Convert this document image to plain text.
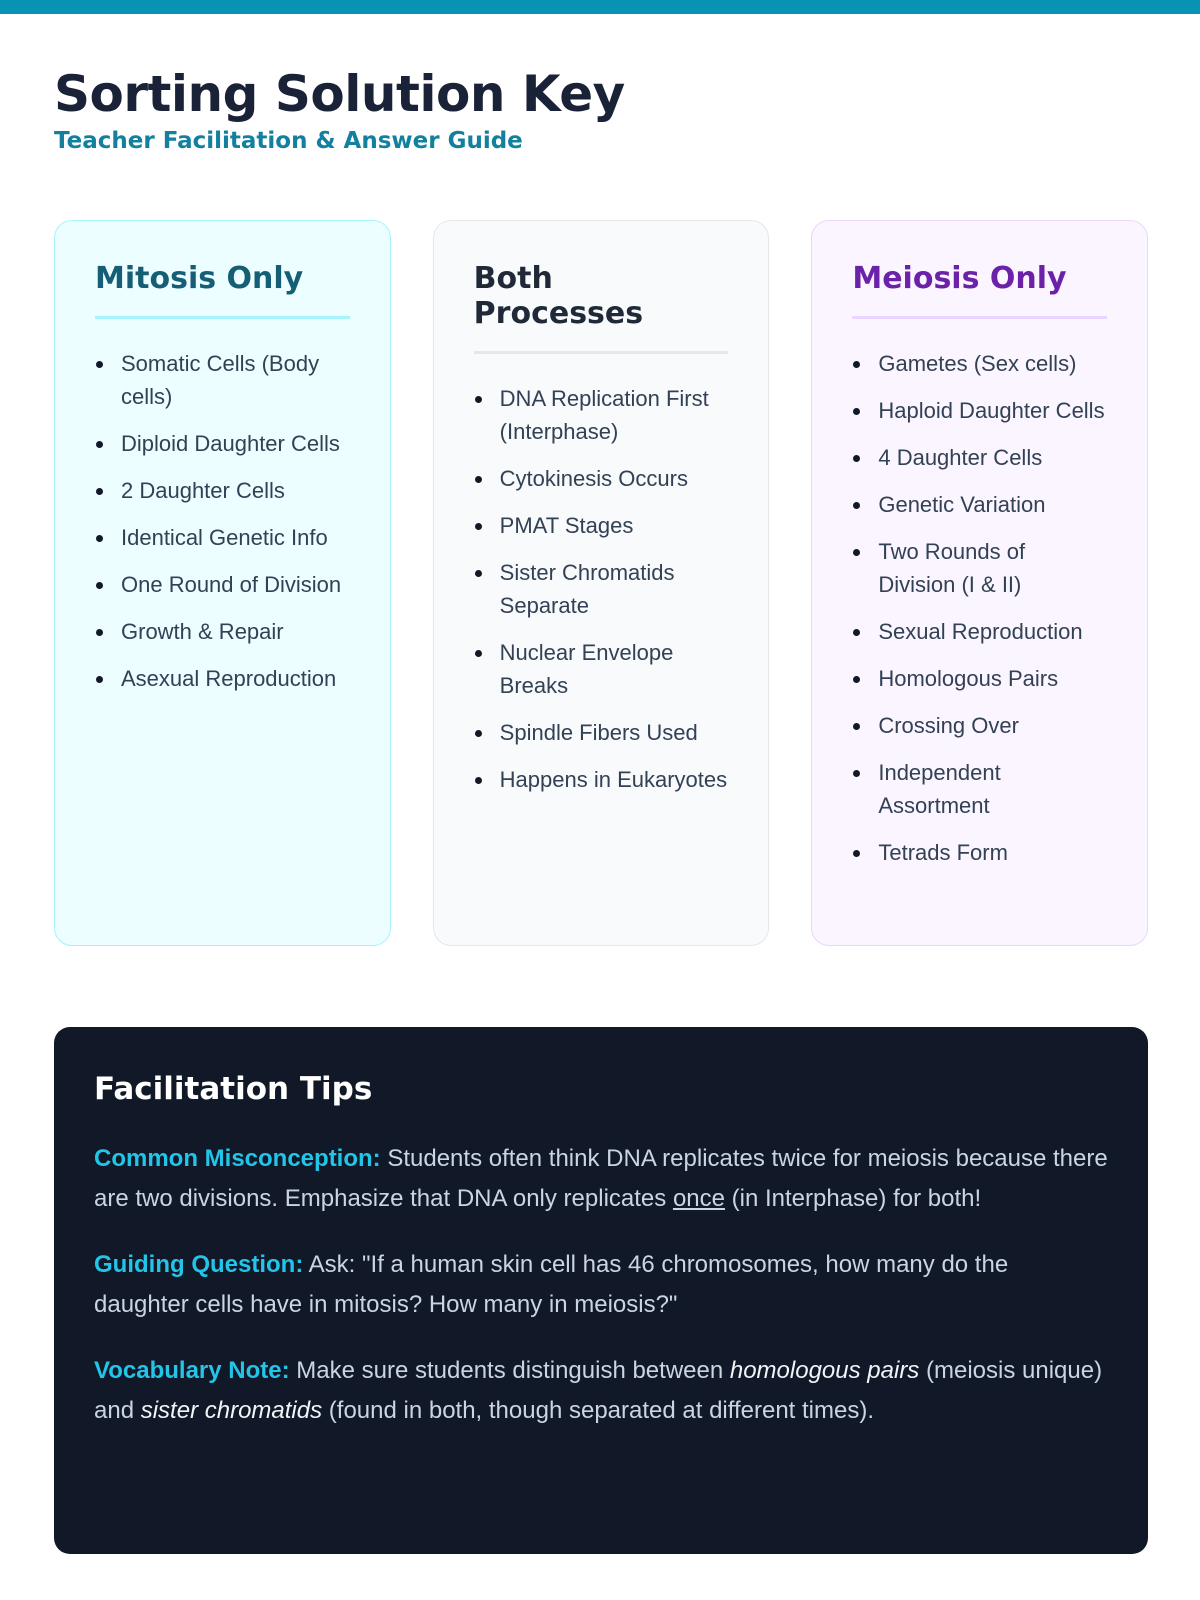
Sorting Solution Key
Teacher Facilitation & Answer Guide
Mitosis Only
Somatic Cells (Body cells)
Diploid Daughter Cells
2 Daughter Cells
Identical Genetic Info
One Round of Division
Growth & Repair
Asexual Reproduction
Both Processes
DNA Replication First (Interphase)
Cytokinesis Occurs
PMAT Stages
Sister Chromatids Separate
Nuclear Envelope Breaks
Spindle Fibers Used
Happens in Eukaryotes
Meiosis Only
Gametes (Sex cells)
Haploid Daughter Cells
4 Daughter Cells
Genetic Variation
Two Rounds of Division (I & II)
Sexual Reproduction
Homologous Pairs
Crossing Over
Independent Assortment
Tetrads Form
Facilitation Tips

Common Misconception: Students often think DNA replicates twice for meiosis because there are two divisions. Emphasize that DNA only replicates once (in Interphase) for both!

Guiding Question: Ask: "If a human skin cell has 46 chromosomes, how many do the daughter cells have in mitosis? How many in meiosis?"

Vocabulary Note: Make sure students distinguish between homologous pairs (meiosis unique) and sister chromatids (found in both, though separated at different times).
